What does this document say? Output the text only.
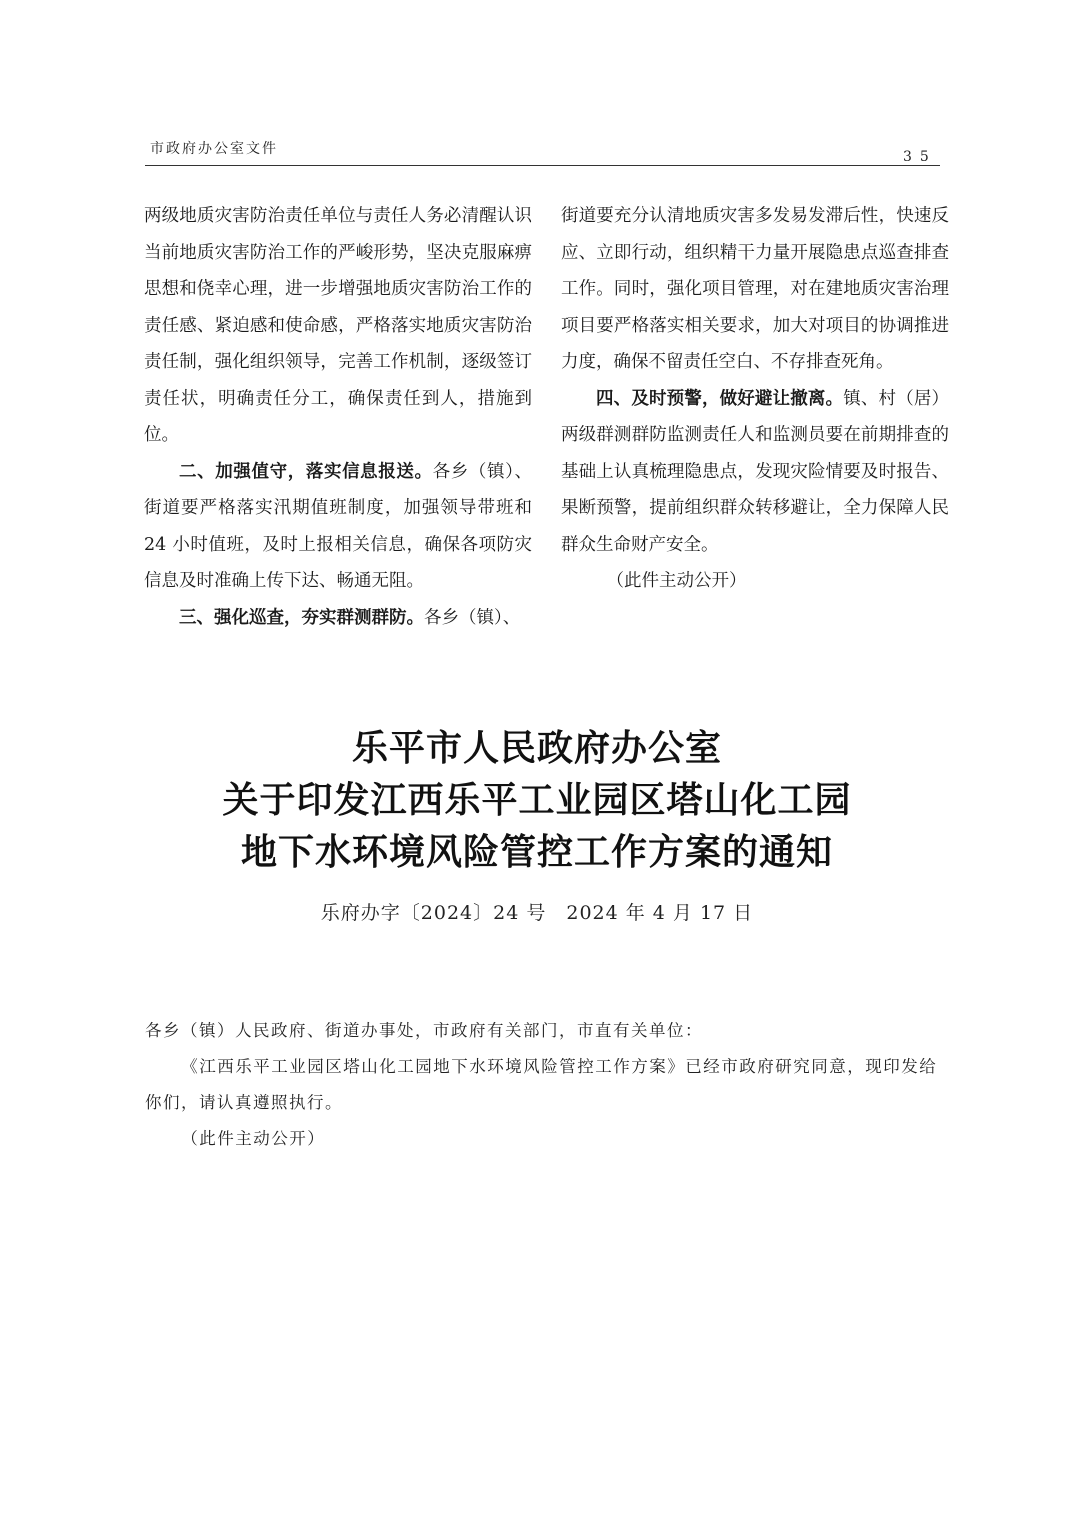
市政府办公室文件	35

两级地质灾害防治责任单位与责任人务必清醒认识当前地质灾害防治工作的严峻形势，坚决克服麻痹思想和侥幸心理，进一步增强地质灾害防治工作的责任感、紧迫感和使命感，严格落实地质灾害防治责任制，强化组织领导，完善工作机制，逐级签订责任状，明确责任分工，确保责任到人，措施到位。

二、加强值守，落实信息报送。各乡（镇）、街道要严格落实汛期值班制度，加强领导带班和 24 小时值班，及时上报相关信息，确保各项防灾信息及时准确上传下达、畅通无阻。

三、强化巡查，夯实群测群防。各乡（镇）、

街道要充分认清地质灾害多发易发滞后性，快速反应、立即行动，组织精干力量开展隐患点巡查排查工作。同时，强化项目管理，对在建地质灾害治理项目要严格落实相关要求，加大对项目的协调推进力度，确保不留责任空白、不存排查死角。

四、及时预警，做好避让撤离。镇、村（居）两级群测群防监测责任人和监测员要在前期排查的基础上认真梳理隐患点，发现灾险情要及时报告、果断预警，提前组织群众转移避让，全力保障人民群众生命财产安全。

（此件主动公开）

乐平市人民政府办公室
关于印发江西乐平工业园区塔山化工园
地下水环境风险管控工作方案的通知
乐府办字〔2024〕24 号　2024 年 4 月 17 日

各乡（镇）人民政府、街道办事处，市政府有关部门，市直有关单位：

《江西乐平工业园区塔山化工园地下水环境风险管控工作方案》已经市政府研究同意，现印发给你们，请认真遵照执行。

（此件主动公开）
